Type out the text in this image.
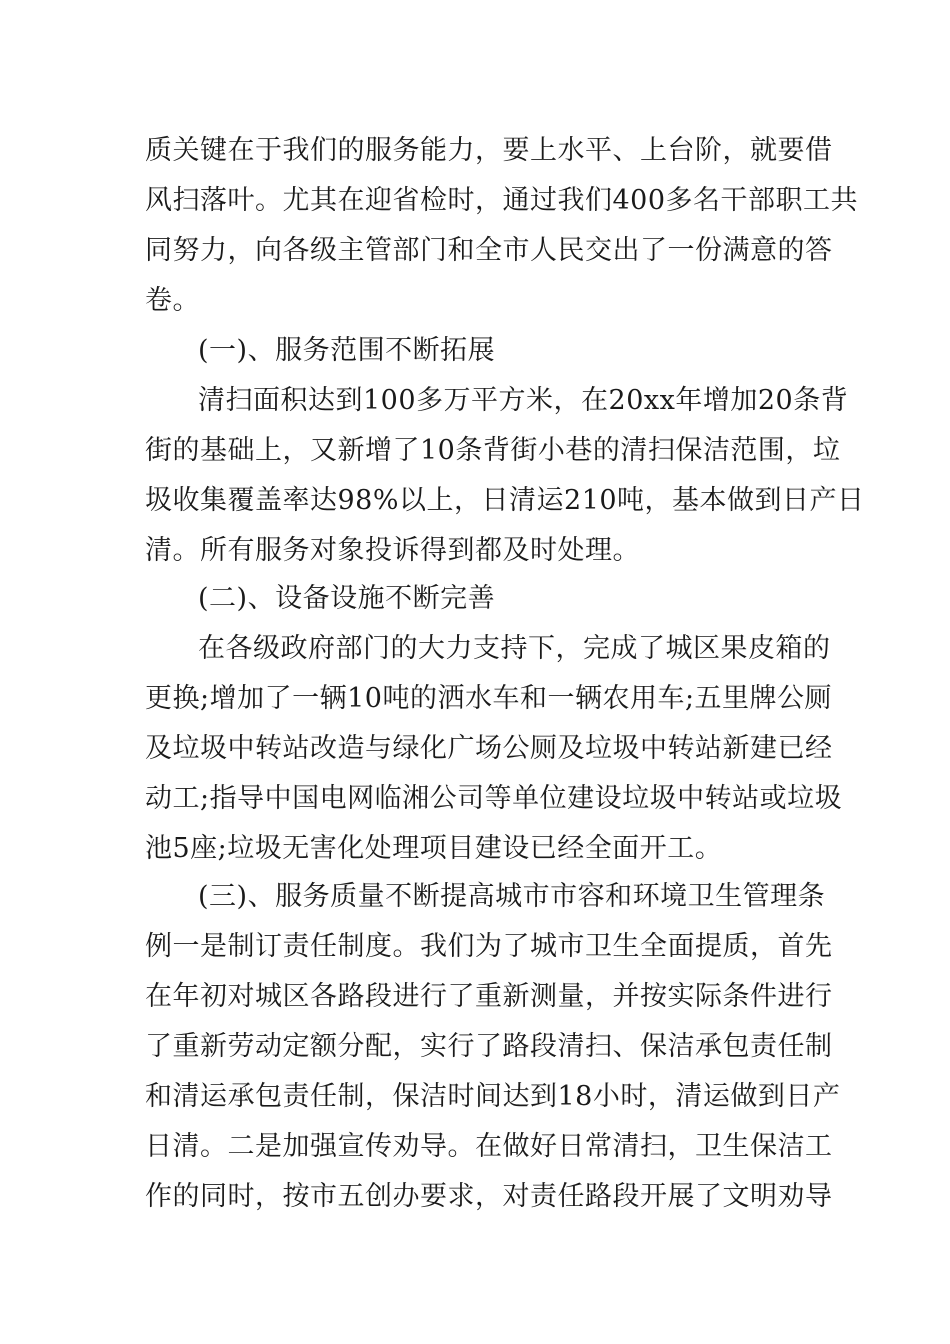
质关键在于我们的服务能力，要上水平、上台阶，就要借
风扫落叶。尤其在迎省检时，通过我们400多名干部职工共
同努力，向各级主管部门和全市人民交出了一份满意的答
卷。
(一)、服务范围不断拓展
清扫面积达到100多万平方米，在20xx年增加20条背
街的基础上，又新增了10条背街小巷的清扫保洁范围，垃
圾收集覆盖率达98%以上，日清运210吨，基本做到日产日
清。所有服务对象投诉得到都及时处理。
(二)、设备设施不断完善
在各级政府部门的大力支持下，完成了城区果皮箱的
更换;增加了一辆10吨的洒水车和一辆农用车;五里牌公厕
及垃圾中转站改造与绿化广场公厕及垃圾中转站新建已经
动工;指导中国电网临湘公司等单位建设垃圾中转站或垃圾
池5座;垃圾无害化处理项目建设已经全面开工。
(三)、服务质量不断提高城市市容和环境卫生管理条
例一是制订责任制度。我们为了城市卫生全面提质，首先
在年初对城区各路段进行了重新测量，并按实际条件进行
了重新劳动定额分配，实行了路段清扫、保洁承包责任制
和清运承包责任制，保洁时间达到18小时，清运做到日产
日清。二是加强宣传劝导。在做好日常清扫，卫生保洁工
作的同时，按市五创办要求，对责任路段开展了文明劝导
